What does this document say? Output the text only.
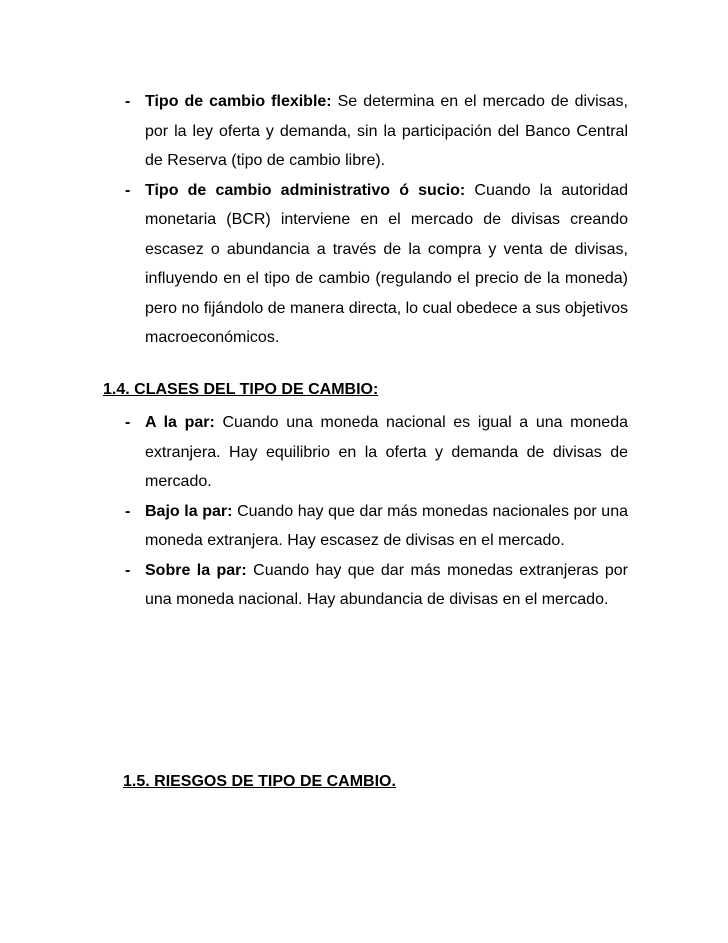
- Tipo de cambio flexible: Se determina en el mercado de divisas, por la ley oferta y demanda, sin la participación del Banco Central de Reserva (tipo de cambio libre).
- Tipo de cambio administrativo ó sucio: Cuando la autoridad monetaria (BCR) interviene en el mercado de divisas creando escasez o abundancia a través de la compra y venta de divisas, influyendo en el tipo de cambio (regulando el precio de la moneda) pero no fijándolo de manera directa, lo cual obedece a sus objetivos macroeconómicos.
1.4. CLASES DEL TIPO DE CAMBIO:
- A la par: Cuando una moneda nacional es igual a una moneda extranjera. Hay equilibrio en la oferta y demanda de divisas de mercado.
- Bajo la par: Cuando hay que dar más monedas nacionales por una moneda extranjera. Hay escasez de divisas en el mercado.
- Sobre la par: Cuando hay que dar más monedas extranjeras por una moneda nacional. Hay abundancia de divisas en el mercado.
1.5. RIESGOS DE TIPO DE CAMBIO.
